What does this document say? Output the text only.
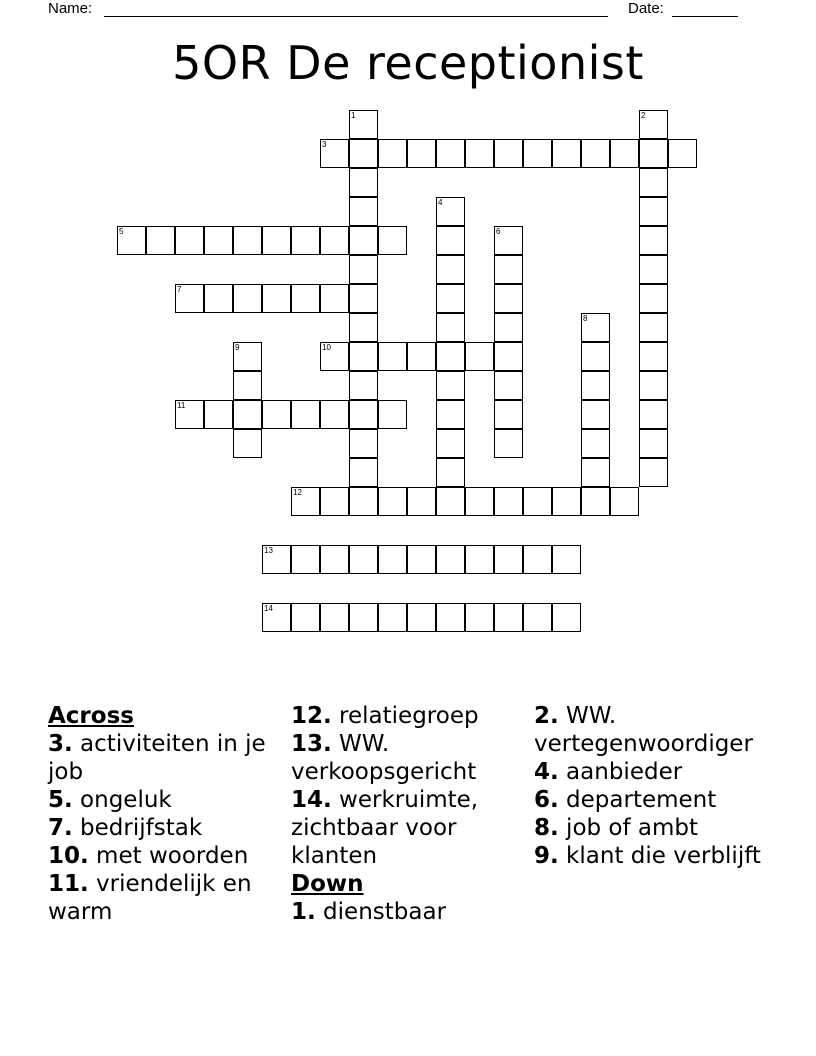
Name:	Date:
5OR De receptionist
1	2
3
4
5	6
7
8
9	10
11
12
13
14
Across
3. activiteiten in je job
5. ongeluk
7. bedrijfstak
10. met woorden
11. vriendelijk en warm
12. relatiegroep
13. WW. verkoopsgericht
14. werkruimte, zichtbaar voor klanten
Down
1. dienstbaar
2. WW. vertegenwoordiger
4. aanbieder
6. departement
8. job of ambt
9. klant die verblijft
